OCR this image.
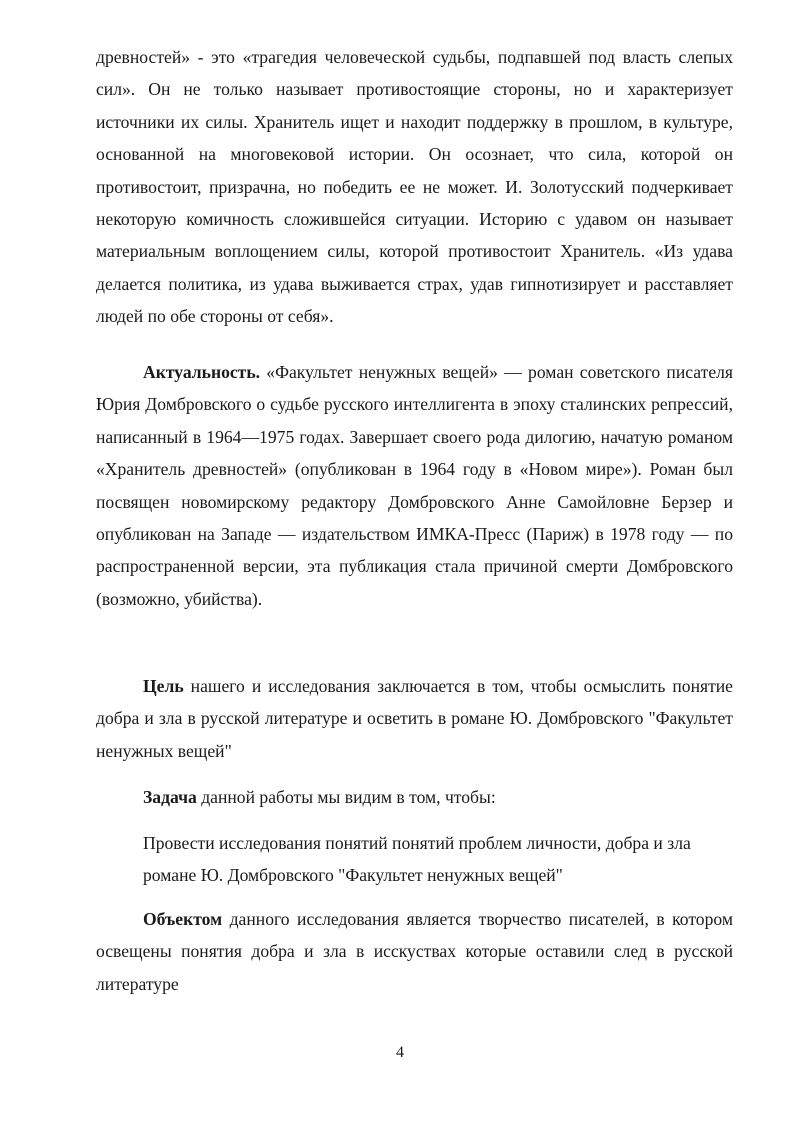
древностей» - это «трагедия человеческой судьбы, подпавшей под власть слепых сил». Он не только называет противостоящие стороны, но и характеризует источники их силы. Хранитель ищет и находит поддержку в прошлом, в культуре, основанной на многовековой истории. Он осознает, что сила, которой он противостоит, призрачна, но победить ее не может. И. Золотусский подчеркивает некоторую комичность сложившейся ситуации. Историю с удавом он называет материальным воплощением силы, которой противостоит Хранитель. «Из удава делается политика, из удава выживается страх, удав гипнотизирует и расставляет людей по обе стороны от себя».

Актуальность. «Факультет ненужных вещей» — роман советского писателя Юрия Домбровского о судьбе русского интеллигента в эпоху сталинских репрессий, написанный в 1964—1975 годах. Завершает своего рода дилогию, начатую романом «Хранитель древностей» (опубликован в 1964 году в «Новом мире»). Роман был посвящен новомирскому редактору Домбровского Анне Самойловне Берзер и опубликован на Западе — издательством ИМКА-Пресс (Париж) в 1978 году — по распространенной версии, эта публикация стала причиной смерти Домбровского (возможно, убийства).

Цель нашего и исследования заключается в том, чтобы осмыслить понятие добра и зла в русской литературе и осветить в романе Ю. Домбровского "Факультет ненужных вещей"

Задача данной работы мы видим в том, чтобы:

Провести исследования понятий понятий проблем личности, добра и зла романе Ю. Домбровского "Факультет ненужных вещей"

Объектом данного исследования является творчество писателей, в котором освещены понятия добра и зла в исскуствах которые оставили след в русской литературе

4
